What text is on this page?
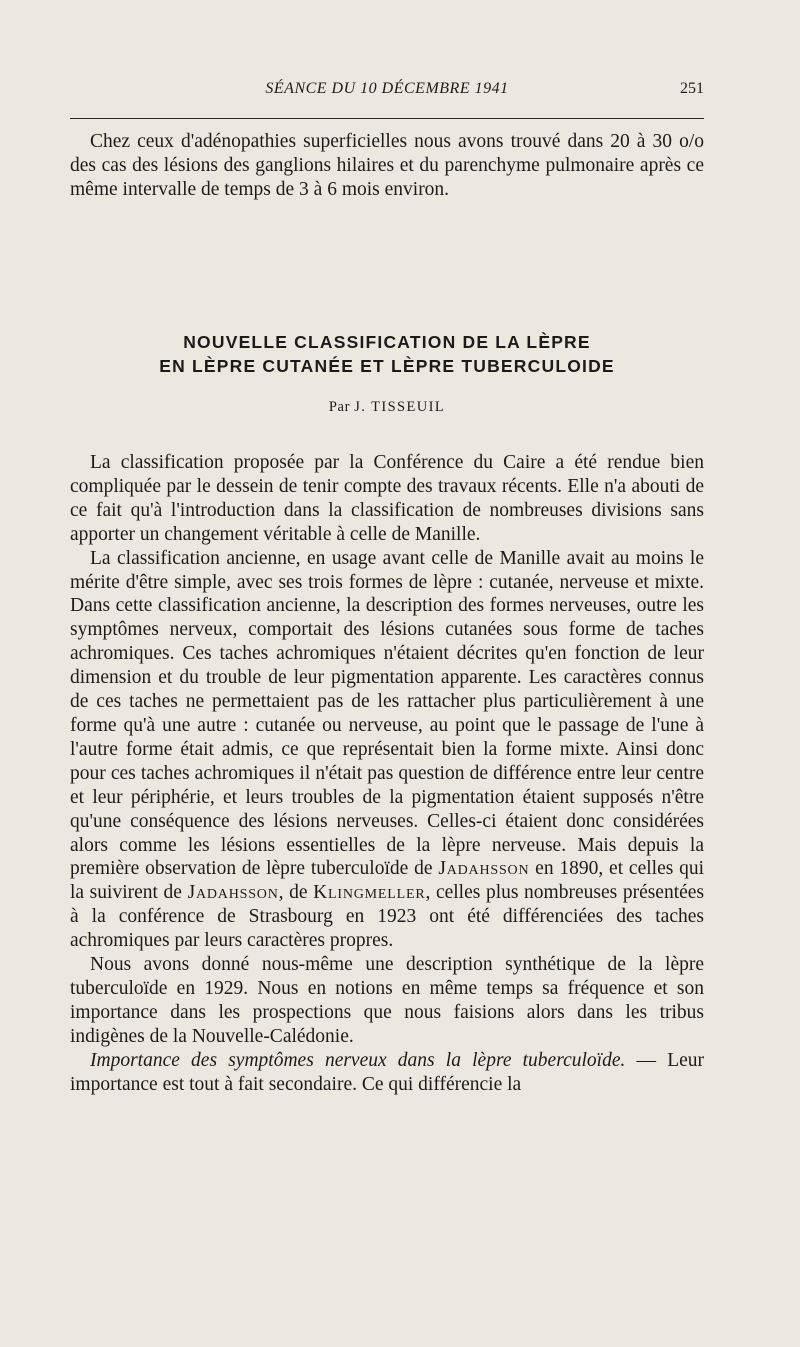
SÉANCE DU 10 DÉCEMBRE 1941	251

Chez ceux d'adénopathies superficielles nous avons trouvé dans 20 à 30 o/o des cas des lésions des ganglions hilaires et du parenchyme pulmonaire après ce même intervalle de temps de 3 à 6 mois environ.

NOUVELLE CLASSIFICATION DE LA LÈPRE
EN LÈPRE CUTANÉE ET LÈPRE TUBERCULOIDE
Par J. TISSEUIL

La classification proposée par la Conférence du Caire a été rendue bien compliquée par le dessein de tenir compte des travaux récents. Elle n'a abouti de ce fait qu'à l'introduction dans la classification de nombreuses divisions sans apporter un changement véritable à celle de Manille.

La classification ancienne, en usage avant celle de Manille avait au moins le mérite d'être simple, avec ses trois formes de lèpre : cutanée, nerveuse et mixte. Dans cette classification ancienne, la description des formes nerveuses, outre les symptômes nerveux, comportait des lésions cutanées sous forme de taches achromiques. Ces taches achromiques n'étaient décrites qu'en fonction de leur dimension et du trouble de leur pigmentation apparente. Les caractères connus de ces taches ne permettaient pas de les rattacher plus particulièrement à une forme qu'à une autre : cutanée ou nerveuse, au point que le passage de l'une à l'autre forme était admis, ce que représentait bien la forme mixte. Ainsi donc pour ces taches achromiques il n'était pas question de différence entre leur centre et leur périphérie, et leurs troubles de la pigmentation étaient supposés n'être qu'une conséquence des lésions nerveuses. Celles-ci étaient donc considérées alors comme les lésions essentielles de la lèpre nerveuse. Mais depuis la première observation de lèpre tuberculoïde de Jadahsson en 1890, et celles qui la suivirent de Jadahsson, de Klingmeller, celles plus nombreuses présentées à la conférence de Strasbourg en 1923 ont été différenciées des taches achromiques par leurs caractères propres.

Nous avons donné nous-même une description synthétique de la lèpre tuberculoïde en 1929. Nous en notions en même temps sa fréquence et son importance dans les prospections que nous faisions alors dans les tribus indigènes de la Nouvelle-Calédonie.

Importance des symptômes nerveux dans la lèpre tuberculoïde. — Leur importance est tout à fait secondaire. Ce qui différencie la
